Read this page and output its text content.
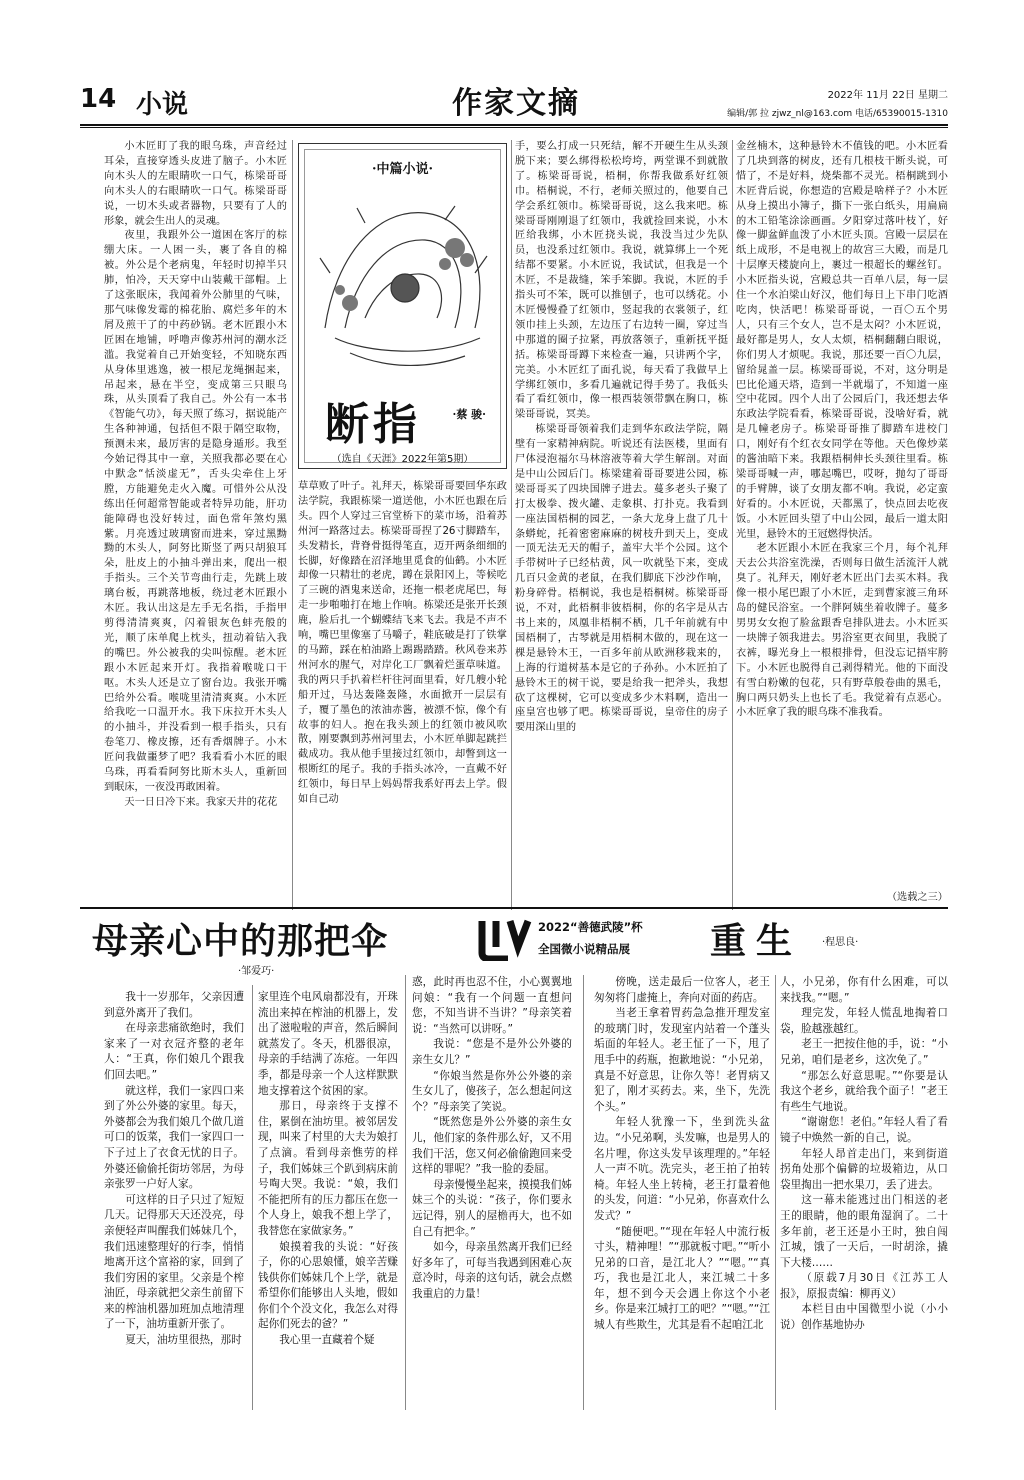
14 小说	作家文摘	2022年 11月 22日 星期二
编辑/郭 拉 zjwz_nl@163.com 电话/65390015-1310

小木匠盯了我的眼乌珠，声音经过耳朵，直接穿透头皮进了脑子。小木匠向木头人的左眼睛吹一口气，栋梁哥哥向木头人的右眼睛吹一口气。栋梁哥哥说，一切木头或者器物，只要有了人的形象，就会生出人的灵魂。

夜里，我跟外公一道困在客厅的棕绷大床。一人困一头，裹了各自的棉被。外公是个老病鬼，年轻时切掉半只肺，怕冷，天天穿中山装戴干部帽。上了这张眠床，我闻着外公肺里的气味，那气味像发霉的棉花胎、腐烂多年的木屑及煎干了的中药砂锅。老木匠跟小木匠困在地铺，呼噜声像苏州河的潮水泛滥。我觉着自己开始变轻，不知晓东西从身体里逃逸，被一根尼龙绳捆起来，吊起来，悬在半空，变成第三只眼乌珠，从头顶看了我自己。外公有一本书《智能气功》，每天照了练习，据说能产生各种神通，包括但不限于隔空取物，预测未来，最厉害的是隐身遁形。我至今始记得其中一章，关照我都必要在心中默念“恬淡虚无”，舌头尖牵住上牙膛，方能避免走火入魔。可惜外公从没练出任何超常智能或者特异功能，肝功能障碍也没好转过，面色常年煞灼黑紫。月亮透过玻璃窗而进来，穿过黑黝黝的木头人，阿努比斯竖了两只胡狼耳朵，肚皮上的小抽斗弹出来，爬出一根手指头。三个关节弯曲行走，先跳上玻璃台板，再跳落地板，绕过老木匠跟小木匠。我认出这是左手无名指，手指甲剪得清清爽爽，闪着银灰色蚌壳般的光，顺了床单爬上枕头，扭动着钻入我的嘴巴。外公被我的尖叫惊醒。老木匠跟小木匠起来开灯。我指着喉咙口干呕。木头人还是立了窗台边。我张开嘴巴给外公看。喉咙里清清爽爽。小木匠给我吃一口温开水。我下床拉开木头人的小抽斗，并没看到一根手指头，只有卷笔刀、橡皮擦，还有香烟牌子。小木匠问我做噩梦了吧？我看看小木匠的眼乌珠，再看看阿努比斯木头人，重新回到眠床，一夜没再敢困着。

天一日日冷下来。我家天井的花花

·中篇小说·
断指	·蔡 骏·
（选自《天涯》2022年第5期）

草草败了叶子。礼拜天，栋梁哥哥要回华东政法学院，我跟栋梁一道送他，小木匠也跟在后头。四个人穿过三官堂桥下的菜市场，沿着苏州河一路落过去。栋梁哥哥捏了26寸脚踏车，头发精长，背脊骨挺得笔直，迈开两条细细的长脚，好像踏在沼泽地里觅食的仙鹤。小木匠却像一只精壮的老虎，蹲在景阳冈上，等候吃了三碗的酒鬼来送命，还拖一根老虎尾巴，每走一步啪啪打在地上作响。栋梁还是张开长颈鹿，脸后扎一个蝴蝶结飞来飞去。我是不声不响，嘴巴里像塞了马嚼子，鞋底破是打了铁掌的马蹄，踩在柏油路上踢踢踏踏。秋风卷来苏州河水的腥气，对岸化工厂飘着烂蛋草味道。我的两只手扒着栏杆往河面里看，好几艘小轮船开过，马达轰隆轰隆，水面掀开一层层有子，覆了墨色的浓油赤酱，被漂不惊，像个有故事的妇人。抱在我头颈上的红领巾被风吹散，刚要飘到苏州河里去，小木匠单脚起跳拦截成功。我从他手里接过红领巾，却瞥到这一根断红的尾子。我的手指头冰冷，一直戴不好红领巾，每日早上妈妈帮我系好再去上学。假如自己动

手，要么打成一只死结，解不开硬生生从头颈脱下来；要么绑得松松垮垮，两堂课不到就散了。栋梁哥哥说，梧桐，你帮我做系好红领巾。梧桐说，不行，老师关照过的，他要自己学会系红领巾。栋梁哥哥说，这么我来吧。栋梁哥哥刚刚退了红领巾，我就捡回来说，小木匠给我绑，小木匠挠头说，我没当过少先队员，也没系过红领巾。我说，就算绑上一个死结都不要紧。小木匠说，我试试，但我是一个木匠，不是裁缝，笨手笨脚。我说，木匠的手指头可不笨，既可以推刨子，也可以绣花。小木匠慢慢叠了红领巾，竖起我的衣裳领子，红领巾挂上头颈，左边压了右边转一圈，穿过当中那道的圈子拉紧，再放落领子，重新抚平挺括。栋梁哥哥蹲下来检查一遍，只讲两个字，完美。小木匠红了面孔说，每天看了我做早上学绑红领巾，多看几遍就记得手势了。我低头看了看红领巾，像一根西装领带飘在胸口，栋梁哥哥说，冥美。

栋梁哥哥领着我们走到华东政法学院，隔壁有一家精神病院。听说还有法医楼，里面有尸体浸泡福尔马林溶液等着大学生解剖。对面是中山公园后门。栋梁建着哥哥要进公园，栋梁哥哥买了四块国牌子进去。蔓多老头子聚了打太极拳、拨火罐、走象棋、打扑克。我看到一座法国梧桐的园艺，一条大龙身上盘了几十条蟒蛇，托着密密麻麻的树枝升到天上，变成一顶无法无天的帽子，盖牢大半个公园。这个手带树叶子已经枯黄，风一吹就坠下来，变成几百只金黄的老鼠，在我们脚底下沙沙作响，粉身碎骨。梧桐说，我也是梧桐树。栋梁哥哥说，不对，此梧桐非彼梧桐，你的名字是从古书上来的，凤凰非梧桐不栖，几千年前就有中国梧桐了，古琴就是用梧桐木做的，现在这一棵是悬铃木王，一百多年前从欧洲移栽来的，上海的行道树基本是它的子孙孙。小木匠拍了悬铃木王的树干说，要是给我一把斧头，我想砍了这棵树，它可以变成多少木料啊，造出一座皇宫也够了吧。栋梁哥哥说，皇帝住的房子要用深山里的

金丝楠木，这种悬铃木不值钱的吧。小木匠看了几块到落的树皮，还有几根枝干断头说，可惜了，不是好料，烧柴都不灵光。梧桐跳到小木匠背后说，你想造的宫殿是啥样子？小木匠从身上摸出小簿子，撕下一张白纸头，用扁扁的木工铅笔涂涂画画。夕阳穿过落叶枝丫，好像一脚盆鲜血泼了小木匠头顶。宫殿一层层在纸上成形，不是电视上的故宫三大殿，而是几十层摩天楼旋向上，裹过一根超长的螺丝钉。小木匠指头说，宫殿总共一百单八层，每一层住一个水泊梁山好汉，他们每日上下串门吃酒吃肉，快活吧！栋梁哥哥说，一百〇五个男人，只有三个女人，岂不是太闷？小木匠说，最好都是男人，女人太烦，梧桐翻翻白眼说，你们男人才烦呢。我说，那还要一百〇九层，留给晁盖一层。栋梁哥哥说，不对，这分明是巴比伦通天塔，造到一半就塌了，不知道一座空中花园。四个人出了公园后门，我还想去华东政法学院看看，栋梁哥哥说，没啥好看，就是几幢老房子。栋梁哥哥推了脚踏车进校门口，刚好有个红衣女同学在等他。天色像炒菜的酱油暗下来。我跟梧桐伸长头颈往里看。栋梁哥哥喊一声，哪起嘴巴，哎呀，抛勾了哥哥的手臂牌，谈了女朋友都不响。我说，必定蛮好看的。小木匠说，天都黑了，快点回去吃夜饭。小木匠回头望了中山公园，最后一道太阳光里，悬铃木的王冠燃得快活。

老木匠跟小木匠在我家三个月，每个礼拜天去公共浴室洗澡，否则每日做生活流汗人就臭了。礼拜天，刚好老木匠出门去买木料。我像一根小尾巴跟了小木匠，走到曹家渡三角环岛的健民浴室。一个胖阿姨坐着收牌子。蔓多男男女女抱了脸盆跟香皂排队进去。小木匠买一块牌子领我进去。男浴室更衣间里，我脱了衣裤，曝光身上一根根排骨，但没忘记捂牢胯下。小木匠也脱得自己剥得精光。他的下面没有雪白粉嫩的包花，只有野草般卷曲的黑毛，胸口两只奶头上也长了毛。我觉着有点恶心。小木匠拿了我的眼乌珠不准我看。

（选载之三）
母亲心中的那把伞
·邹爱巧·
2022“善德武陵”杯
全国微小说精品展 重生 ·程思良·

我十一岁那年，父亲因遭到意外离开了我们。

在母亲悲痛欲绝时，我们家来了一对衣冠齐整的老年人：“王真，你们娘几个跟我们回去吧。”

就这样，我们一家四口来到了外公外婆的家里。每天，外婆都会为我们娘几个做几道可口的饭菜，我们一家四口一下子过上了衣食无忧的日子。外婆还偷偷托街坊邻居，为母亲张罗一户好人家。

可这样的日子只过了短短几天。记得那天天还没亮，母亲便轻声叫醒我们姊妹几个，我们迅速整理好的行李，悄悄地离开这个富裕的家，回到了我们穷困的家里。父亲是个榨油匠，母亲就把父亲生前留下来的榨油机器加班加点地清理了一下，油坊重新开张了。

夏天，油坊里很热，那时

家里连个电风扇都没有，开珠流出来掉在榨油的机器上，发出了滋啦啦的声音，然后瞬间就蒸发了。冬天，机器很凉，母亲的手结满了冻疮。一年四季，都是母亲一个人这样默默地支撑着这个贫困的家。

那日，母亲终于支撑不住，累倒在油坊里。被邻居发现，叫来了村里的大夫为娘打了点滴。看到母亲憔劳的样子，我们姊妹三个趴到病床前号啕大哭。我说：“娘，我们不能把所有的压力都压在您一个人身上，娘我不想上学了，我替您在家做家务。”

娘摸着我的头说：“好孩子，你的心思娘懂，娘辛苦赚钱供你们姊妹几个上学，就是希望你们能够出人头地，假如你们个个没文化，我怎么对得起你们死去的爸？”

我心里一直藏着个疑

惑，此时再也忍不住，小心翼翼地问娘：“我有一个问题一直想问您，不知当讲不当讲？”母亲笑着说：“当然可以讲呀。”

我说：“您是不是外公外婆的亲生女儿？”

“你娘当然是你外公外婆的亲生女儿了，傻孩子，怎么想起问这个？”母亲笑了笑说。

“既然您是外公外婆的亲生女儿，他们家的条件那么好，又不用我们干活，您又何必偷偷跑回来受这样的罪呢？”我一脸的委屈。

母亲慢慢坐起来，摸摸我们姊妹三个的头说：“孩子，你们要永远记得，别人的屋檐再大，也不如自己有把伞。”

如今，母亲虽然离开我们已经好多年了，可每当我遇到困难心灰意冷时，母亲的这句话，就会点燃我重启的力量！

傍晚，送走最后一位客人，老王匆匆将门虚掩上，奔向对面的药店。

当老王拿着胃药急急推开理发室的玻璃门时，发现室内站着一个蓬头垢面的年轻人。老王怔了一下，甩了甩手中的药瓶，抱歉地说：“小兄弟，真是不好意思，让你久等！老胃病又犯了，刚才买药去。来，坐下，先洗个头。”

年轻人犹豫一下，坐到洗头盆边。“小兄弟啊，头发嘛，也是男人的名片哩，你这头发早该理理的。”年轻人一声不吭。洗完头，老王拍了拍转椅。年轻人坐上转椅，老王打量着他的头发，问道：“小兄弟，你喜欢什么发式？”

“随便吧。”“现在年轻人中流行板寸头，精神哩！”“那就板寸吧。”“听小兄弟的口音，是江北人？”“嗯。”“真巧，我也是江北人，来江城二十多年，想不到今天会遇上你这个小老乡。你是来江城打工的吧？”“嗯。”“江城人有些欺生，尤其是看不起咱江北

人，小兄弟，你有什么困难，可以来找我。”“嗯。”

理完发，年轻人慌乱地掏着口袋，脸越涨越红。

老王一把按住他的手，说：“小兄弟，咱们是老乡，这次免了。”

“那怎么好意思呢。”“你要是认我这个老乡，就给我个面子！”老王有些生气地说。

“谢谢您！老伯。”年轻人看了看镜子中焕然一新的自己，说。

年轻人昂首走出门，来到街道拐角处那个偏僻的垃圾箱边，从口袋里掏出一把水果刀，丢了进去。

这一幕未能逃过出门相送的老王的眼睛，他的眼角湿润了。二十多年前，老王还是小王时，独自闯江城，饿了一天后，一时胡涂，撬下大楼……

（原载7月30日《江苏工人报》，原报责编：柳再义）

本栏目由中国微型小说（小小说）创作基地协办
